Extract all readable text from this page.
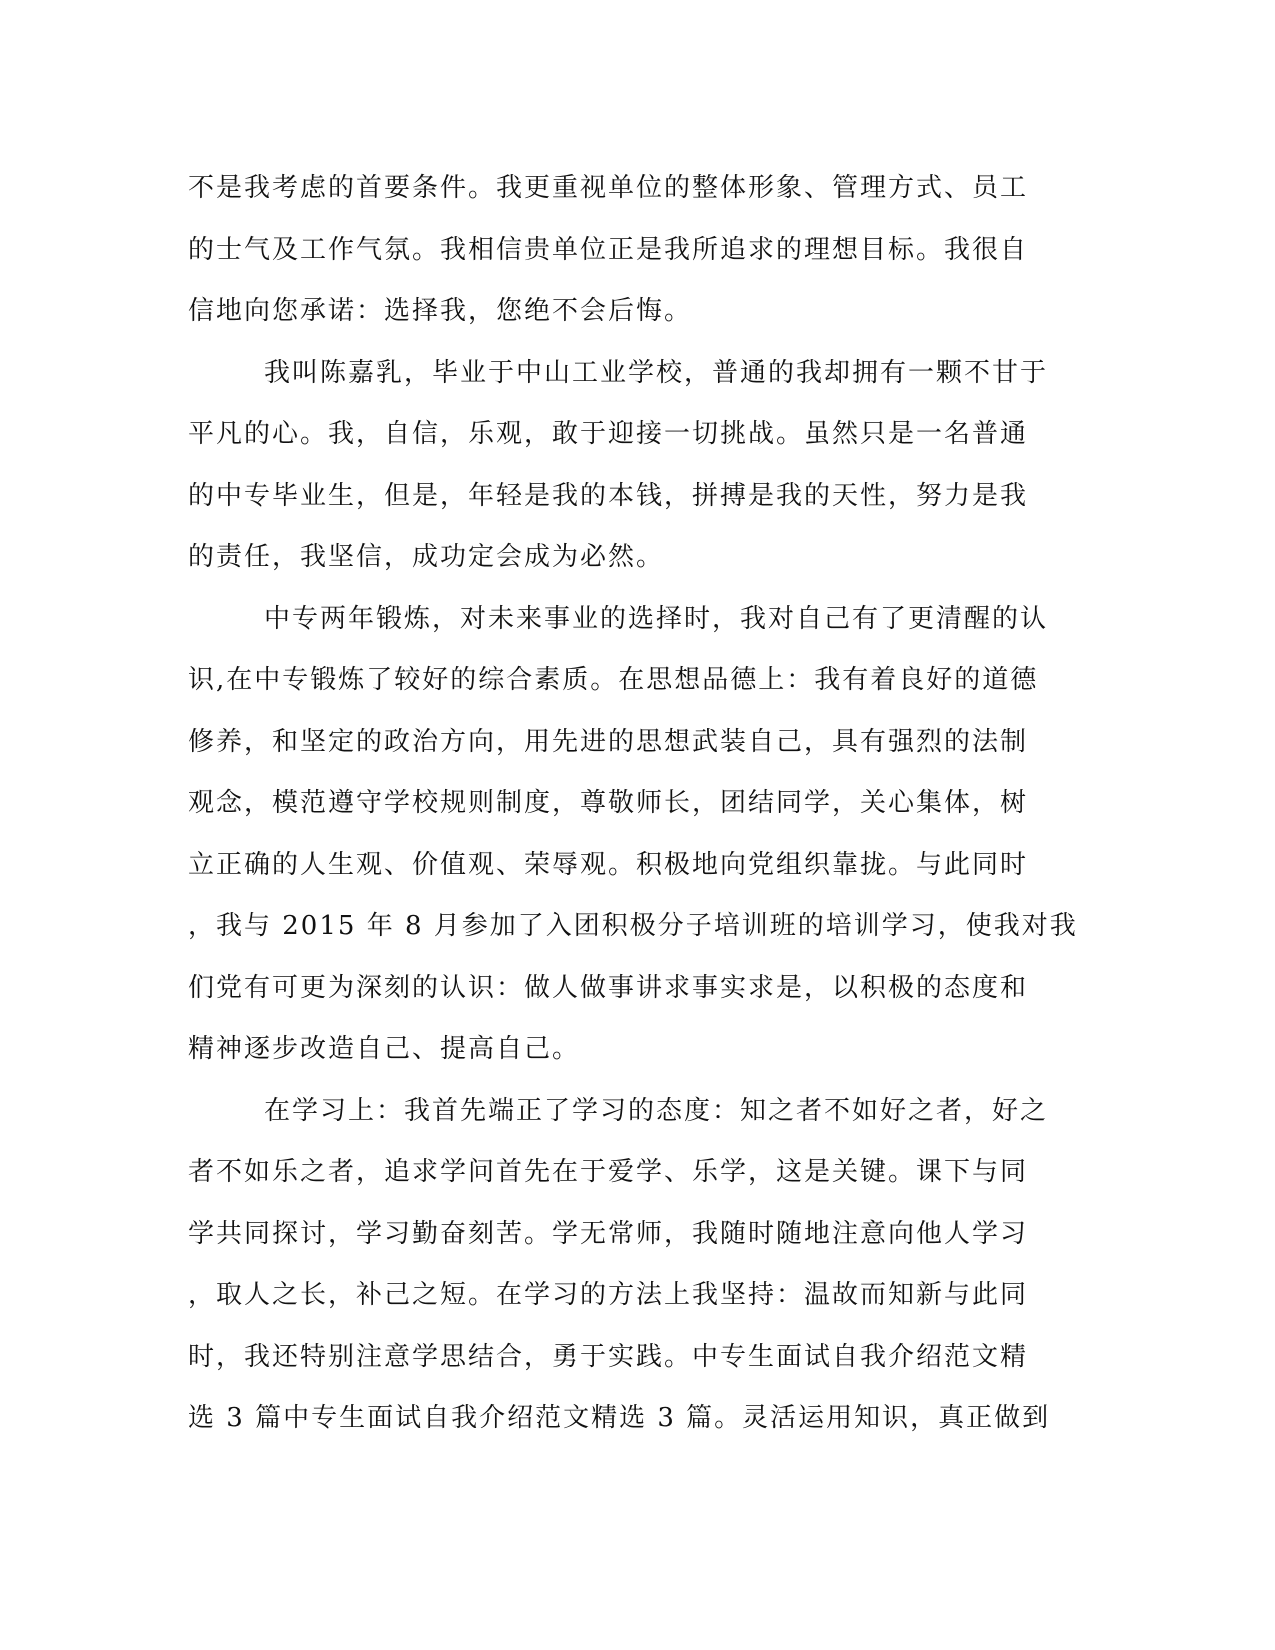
不是我考虑的首要条件。我更重视单位的整体形象、管理方式、员工
的士气及工作气氛。我相信贵单位正是我所追求的理想目标。我很自
信地向您承诺：选择我，您绝不会后悔。
我叫陈嘉乳，毕业于中山工业学校，普通的我却拥有一颗不甘于
平凡的心。我，自信，乐观，敢于迎接一切挑战。虽然只是一名普通
的中专毕业生，但是，年轻是我的本钱，拼搏是我的天性，努力是我
的责任，我坚信，成功定会成为必然。
中专两年锻炼，对未来事业的选择时，我对自己有了更清醒的认
识,在中专锻炼了较好的综合素质。在思想品德上：我有着良好的道德
修养，和坚定的政治方向，用先进的思想武装自己，具有强烈的法制
观念，模范遵守学校规则制度，尊敬师长，团结同学，关心集体，树
立正确的人生观、价值观、荣辱观。积极地向党组织靠拢。与此同时
，我与 2015 年 8 月参加了入团积极分子培训班的培训学习，使我对我
们党有可更为深刻的认识：做人做事讲求事实求是，以积极的态度和
精神逐步改造自己、提高自己。
在学习上：我首先端正了学习的态度：知之者不如好之者，好之
者不如乐之者，追求学问首先在于爱学、乐学，这是关键。课下与同
学共同探讨，学习勤奋刻苦。学无常师，我随时随地注意向他人学习
，取人之长，补己之短。在学习的方法上我坚持：温故而知新与此同
时，我还特别注意学思结合，勇于实践。中专生面试自我介绍范文精
选 3 篇中专生面试自我介绍范文精选 3 篇。灵活运用知识，真正做到
